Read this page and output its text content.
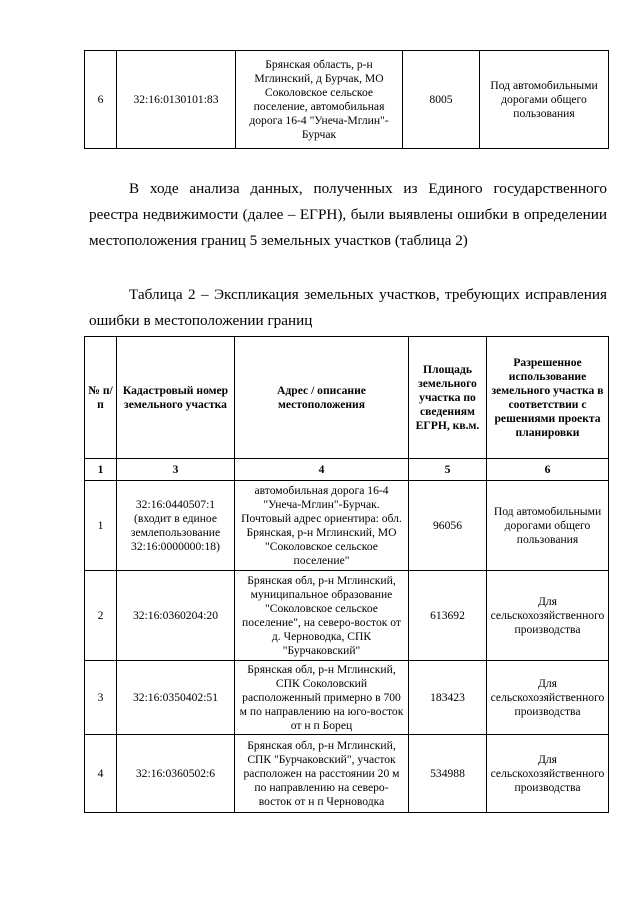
6	32:16:0130101:83	Брянская область, р-н Мглинский, д Бурчак, МО Соколовское сельское поселение, автомобильная дорога 16-4 "Унеча-Мглин"-Бурчак	8005	Под автомобильными дорогами общего пользования
В ходе анализа данных, полученных из Единого государственного реестра недвижимости (далее – ЕГРН), были выявлены ошибки в определении местоположения границ 5 земельных участков (таблица 2)
Таблица 2 – Экспликация земельных участков, требующих исправления ошибки в местоположении границ
№ п/п	Кадастровый номер земельного участка	Адрес / описание местоположения	Площадь земельного участка по сведениям ЕГРН, кв.м.	Разрешенное использование земельного участка в соответствии с решениями проекта планировки
1	3	4	5	6
1	32:16:0440507:1 (входит в единое землепользование 32:16:0000000:18)	автомобильная дорога 16-4 "Унеча-Мглин"-Бурчак. Почтовый адрес ориентира: обл. Брянская, р-н Мглинский, МО "Соколовское сельское поселение"	96056	Под автомобильными дорогами общего пользования
2	32:16:0360204:20	Брянская обл, р-н Мглинский, муниципальное образование "Соколовское сельское поселение", на северо-восток от д. Черноводка, СПК "Бурчаковский"	613692	Для сельскохозяйственного производства
3	32:16:0350402:51	Брянская обл, р-н Мглинский, СПК Соколовский расположенный примерно в 700 м по направлению на юго-восток от н п Борец	183423	Для сельскохозяйственного производства
4	32:16:0360502:6	Брянская обл, р-н Мглинский, СПК "Бурчаковский", участок расположен на расстоянии 20 м по направлению на северо-восток от н п Черноводка	534988	Для сельскохозяйственного производства
